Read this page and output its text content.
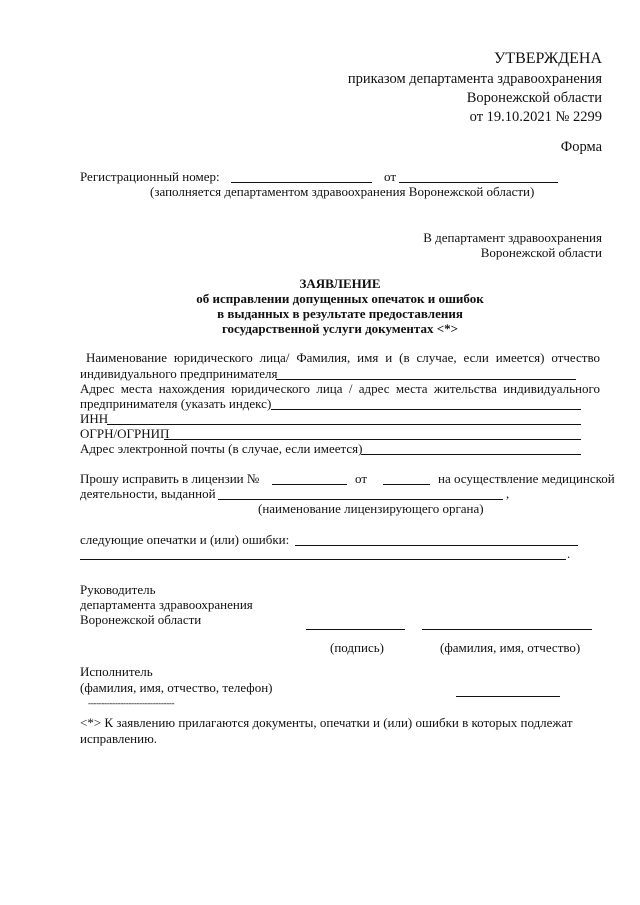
УТВЕРЖДЕНА
приказом департамента здравоохранения
Воронежской области
от 19.10.2021 № 2299
Форма
Регистрационный номер:	от
(заполняется департаментом здравоохранения Воронежской области)
В департамент здравоохранения
Воронежской области
ЗАЯВЛЕНИЕ
об исправлении допущенных опечаток и ошибок
в выданных в результате предоставления
государственной услуги документах <*>
Наименование юридического лица/ Фамилия, имя и (в случае, если имеется) отчество
индивидуального предпринимателя
Адрес места нахождения юридического лица / адрес места жительства индивидуального
предпринимателя (указать индекс)
ИНН
ОГРН/ОГРНИП
Адрес электронной почты (в случае, если имеется)
Прошу исправить в лицензии №	от	на осуществление медицинской
деятельности, выданной	,
(наименование лицензирующего органа)
следующие опечатки и (или) ошибки:
.
Руководитель
департамента здравоохранения
Воронежской области
(подпись)	(фамилия, имя, отчество)
Исполнитель
(фамилия, имя, отчество, телефон)
--------------------------------
<*> К заявлению прилагаются документы, опечатки и (или) ошибки в которых подлежат
исправлению.
